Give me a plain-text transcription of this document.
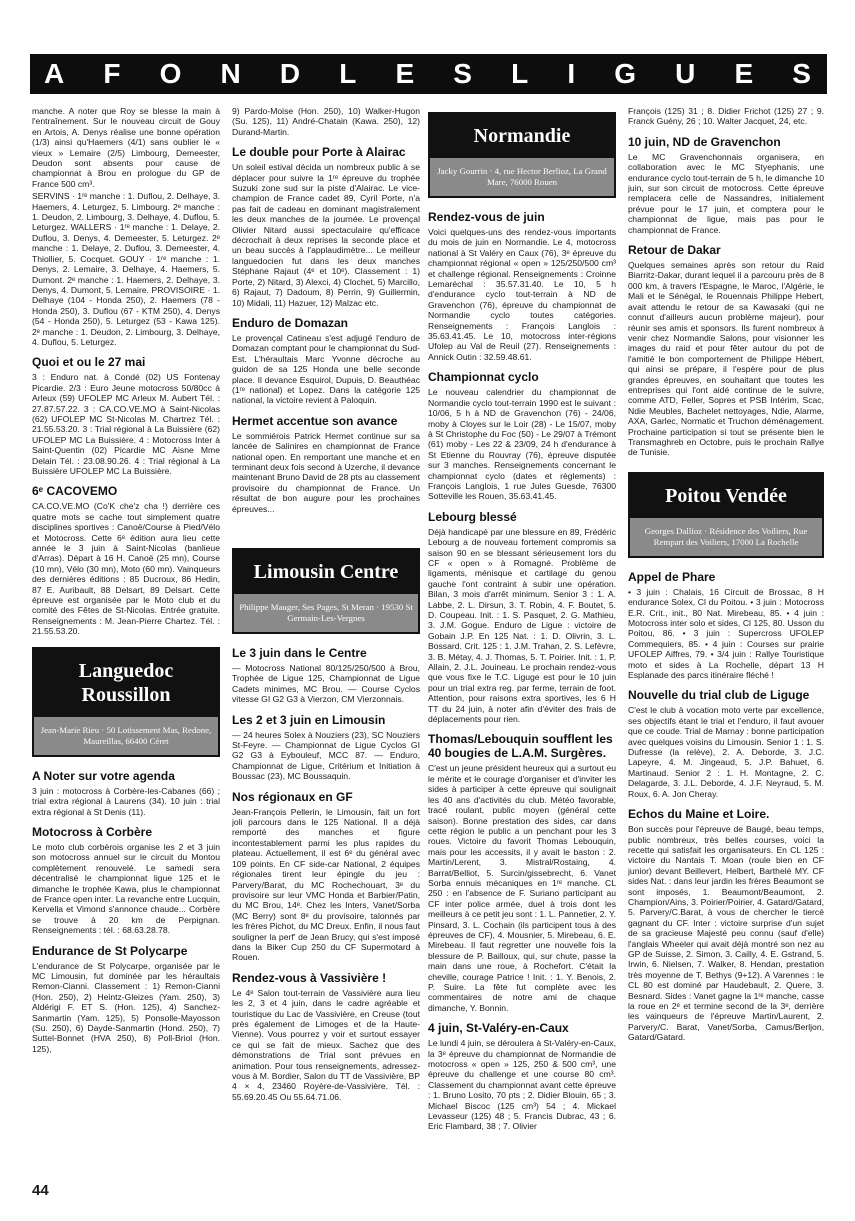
A F O N D L E S L I G U E S

manche. A noter que Roy se blesse la main à l'entraînement. Sur le nouveau circuit de Gouy en Artois, A. Denys réalise une bonne opération (1/3) ainsi qu'Haemers (4/1) sans oublier le « vieux » Lemaire (2/5) Limbourg, Demeester, Deudon sont absents pour cause de championnat à Brou en prologue du GP de France 500 cm³.

SERVINS · 1ʳᵉ manche : 1. Duflou, 2. Delhaye, 3. Haemers, 4. Leturgez, 5. Limbourg. 2ᵉ manche : 1. Deudon, 2. Limbourg, 3. Delhaye, 4. Duflou, 5. Leturgez. WALLERS · 1ʳᵉ manche : 1. Delaye, 2. Duflou, 3. Denys, 4. Demeester, 5. Leturgez. 2ᵉ manche : 1. Delaye, 2. Duflou, 3. Demeester, 4. Thiollier, 5. Cocquet. GOUY · 1ʳᵉ manche : 1. Denys, 2. Lemaire, 3. Delhaye, 4. Haemers, 5. Dumont. 2ᵉ manche : 1. Haemers, 2. Delhaye, 3. Denys, 4. Dumont, 5. Lemaire. PROVISOIRE · 1. Delhaye (104 - Honda 250), 2. Haemers (78 - Honda 250), 3. Duflou (67 - KTM 250), 4. Denys (54 - Honda 250), 5. Leturgez (53 - Kawa 125). 2ᵉ manche : 1. Deudon, 2. Limbourg, 3. Delhaye, 4. Duflou, 5. Leturgez.

Quoi et ou le 27 mai

3 : Enduro nat. à Condé (02) US Fontenay Picardie. 2/3 : Euro Jeune motocross 50/80cc à Arleux (59) UFOLEP MC Arleux M. Aubert Tél. : 27.87.57.22. 3 : CA.CO.VE.MO à Saint-Nicolas (62) UFOLEP MC St-Nicolas M. Chartrez Tél. : 21.55.53.20. 3 : Trial régional à La Buissière (62) UFOLEP MC La Buissière. 4 : Motocross Inter à Saint-Quentin (02) Picardie MC Aisne Mme Delain Tél. : 23.08.90.26. 4 : Trial régional à La Buissière UFOLEP MC La Buissière.

6ᵉ CACOVEMO

CA.CO.VE.MO (Co'K che'z cha !) derrière ces quatre mots se cache tout simplement quatre disciplines sportives : Canoë/Course à Pied/Vélo et Motocross. Cette 6ᵉ édition aura lieu cette année le 3 juin à Saint-Nicolas (banlieue d'Arras). Départ à 16 H. Canoë (25 mn), Course (10 mn), Vélo (30 mn), Moto (60 mn). Vainqueurs des dernières éditions : 85 Ducroux, 86 Hedin, 87 E. Auribault, 88 Delsart, 89 Delsart. Cette épreuve est organisée par le Moto club et du comité des Fêtes de St-Nicolas. Entrée gratuite. Renseignements : M. Jean-Pierre Chartez. Tél. : 21.55.53.20.

Languedoc Roussillon
Jean-Marie Rieu · 50 Lotissement Mas, Redone, Maureillas, 66400 Céret
A Noter sur votre agenda

3 juin : motocross à Corbère-les-Cabanes (66) ; trial extra régional à Laurens (34). 10 juin : trial extra régional à St Denis (11).

Motocross à Corbère

Le moto club corbèrois organise les 2 et 3 juin son motocross annuel sur le circuit du Montou complètement renouvelé. Le samedi sera décentralisé le championnat ligue 125 et le dimanche le trophée Kawa, plus le championnat de France open inter. La revanche entre Lucquin, Kervella et Vimond s'annonce chaude... Corbère se trouve à 20 km de Perpignan. Renseignements : tél. : 68.63.28.78.

Endurance de St Polycarpe

L'endurance de St Polycarpe, organisée par le MC Limousin, fut dominée par les héraultais Remon-Cianni. Classement : 1) Remon-Cianni (Hon. 250), 2) Heintz-Gleizes (Yam. 250), 3) Aldérigi F. ET S. (Hon. 125), 4) Sanchez-Sanmartin (Yam. 125), 5) Ponsolle-Mayosson (Su. 250), 6) Dayde-Sanmartin (Hond. 250), 7) Suttel-Bonnet (HVA 250), 8) Poll-Briol (Hon. 125),

9) Pardo-Moise (Hon. 250), 10) Walker-Hugon (Su. 125), 11) André-Chatain (Kawa. 250), 12) Durand-Martin.

Le double pour Porte à Alairac

Un soleil estival décida un nombreux public à se déplacer pour suivre la 1ʳᵉ épreuve du trophée Suzuki zone sud sur la piste d'Alairac. Le vice-champion de France cadet 89, Cyril Porte, n'a pas fait de cadeau en dominant magistralement les deux manches de la journée. Le provençal Olivier Nitard aussi spectaculaire qu'efficace décrochait à deux reprises la seconde place et un beau succès à l'applaudimètre... Le meilleur languedocien fut dans les deux manches Stéphane Rajaut (4ᵉ et 10ᵉ). Classement : 1) Porte, 2) Nitard, 3) Alexci, 4) Clochet, 5) Marcillo, 6) Rajaut, 7) Dadoum, 8) Perrin, 9) Guillermin, 10) Midali, 11) Hazuer, 12) Malzac etc.

Enduro de Domazan

Le provençal Catineau s'est adjugé l'enduro de Domazan comptant pour le championnat du Sud-Est. L'héraultais Marc Yvonne décroche au guidon de sa 125 Honda une belle seconde place. Il devance Esquirol, Dupuis, D. Beauthéac (1ʳᵉ national) et Lopez. Dans la catégorie 125 national, la victoire revient à Paloquin.

Hermet accentue son avance

Le sommiérois Patrick Hermet continue sur sa lancée de Salinires en championnat de France national open. En remportant une manche et en terminant deux fois second à Uzerche, il devance maintenant Bruno David de 28 pts au classement provisoire du championnat de France. Un résultat de bon augure pour les prochaines épreuves...

Limousin Centre
Philippe Mauger, Ses Pages, St Meran · 19530 St Germain-Les-Vergnes
Le 3 juin dans le Centre

— Motocross National 80/125/250/500 à Brou, Trophée de Ligue 125, Championnat de Ligue Cadets minimes, MC Brou. — Course Cyclos vitesse GI G2 G3 à Vierzon, CM Vierzonnais.

Les 2 et 3 juin en Limousin

— 24 heures Solex à Nouziers (23), SC Nouziers St-Feyre. — Championnat de Ligue Cyclos GI G2 G3 à Eybouleuf, MCC 87. — Enduro, Championnat de Ligue, Critérium et Initiation à Boussac (23), MC Boussaquin.

Nos régionaux en GF

Jean-François Pellerin, le Limousin, fait un fort joli parcours dans le 125 National. Il a déjà remporté des manches et figure incontestablement parmi les plus rapides du plateau. Actuellement, il est 6ᵉ du général avec 109 points. En CF side-car National, 2 équipes régionales tirent leur épingle du jeu : Parvery/Barat, du MC Rochechouart, 3ᵉ du provisoire sur leur VMC Honda et Barbier/Patin, du MC Brou, 14ᵉ. Chez les Inters, Vanet/Sorba (MC Berry) sont 8ᵉ du provisoire, talonnés par les frères Pichot, du MC Dreux. Enfin, il nous faut souligner la perf' de Jean Brucy, qui s'est imposé dans la Biker Cup 250 du CF Supermotard à Rouen.

Rendez-vous à Vassivière !

Le 4ᵉ Salon tout-terrain de Vassivière aura lieu les 2, 3 et 4 juin, dans le cadre agréable et touristique du Lac de Vassivière, en Creuse (tout près également de Limoges et de la Haute-Vienne). Vous pourrez y voir et surtout essayer ce qui se fait de mieux. Sachez que des démonstrations de Trial sont prévues en animation. Pour tous renseignements, adressez-vous à M. Bordier, Salon du TT de Vassivière, BP 4 × 4, 23460 Royère-de-Vassivière. Tél. : 55.69.20.45 Ou 55.64.71.06.

Normandie
Jacky Gourrin · 4, rue Hector Berlioz, La Grand Mare, 76000 Rouen
Rendez-vous de juin

Voici quelques-uns des rendez-vous importants du mois de juin en Normandie. Le 4, motocross national à St Valéry en Caux (76), 3ᵉ épreuve du championnat régional « open » 125/250/500 cm³ et challenge régional. Renseignements : Croinne Lemaréchal : 35.57.31.40. Le 10, 5 h d'endurance cyclo tout-terrain à ND de Gravenchon (76), épreuve du championnat de Normandie cyclo toutes catégories. Renseignements : François Langlois : 35.63.41.45. Le 10, motocross inter-régions Ufolep au Val de Reuil (27). Renseignements : Annick Outin : 32.59.48.61.

Championnat cyclo

Le nouveau calendrier du championnat de Normandie cyclo tout-terrain 1990 est le suivant : 10/06, 5 h à ND de Gravenchon (76) - 24/06, moby à Cloyes sur le Loir (28) - Le 15/07, moby à St Christophe du Foc (50) - Le 29/07 à Trémont (61) moby - Les 22 & 23/09, 24 h d'endurance à St Etienne du Rouvray (76), épreuve disputée sur 3 manches. Renseignements concernant le championnat cyclo (dates et règlements) : François Langlois, 1 rue Jules Guesde, 76300 Sotteville les Rouen, 35.63.41.45.

Lebourg blessé

Déjà handicapé par une blessure en 89, Frédéric Lebourg a de nouveau fortement compromis sa saison 90 en se blessant sérieusement lors du CF « open » à Romagné. Problème de ligaments, ménisque et cartilage du genou gauche l'ont contraint à subir une opération. Bilan, 3 mois d'arrêt minimum. Senior 3 : 1. A. Labbe, 2. L. Dirsun, 3. T. Robin, 4. F. Boutet, 5. D. Coupeau. Init. : 1. S. Pasquet, 2. G. Mathieu, 3. J.M. Gogue. Enduro de Ligue : victoire de Gobain J.P. En 125 Nat. : 1. D. Olivrin, 3. L. Bossard. Crit. 125 : 1. J.M. Trahan, 2. S. Lefèvre, 3. B. Métay, 4. J. Thomas, 5. T. Poirier. Init. : 1. P. Allain, 2. J.L. Jouineau. Le prochain rendez-vous que vous fixe le T.C. Liguge est pour le 10 juin pour un trial extra reg. par ferme, terrain de foot. Attention, pour raisons extra sportives, les 6 H TT du 24 juin, à noter afin d'éviter des frais de déplacements pour rien.

Thomas/Lebouquin soufflent les 40 bougies de L.A.M. Surgères.

C'est un jeune président heureux qui a surtout eu le mérite et le courage d'organiser et d'inviter les sides à participer à cette épreuve qui soulignait les 40 ans d'activités du club. Météo favorable, tracé roulant, public moyen (général cette saison). Bonne prestation des sides, car dans cette région le public a un penchant pour les 3 roues. Victoire du favorit Thomas Lebouquin, mais pour les accessits, il y avait le baston : 2. Martin/Lerent, 3. Mistral/Rostaing, 4. Barrat/Belliot, 5. Surcin/gissebrecht, 6. Vanet Sorba ennuis mécaniques en 1ʳᵉ manche. CL 250 : en l'absence de F. Suriano participant au CF inter police armée, duel à trois dont les meilleurs à ce petit jeu sont : 1. L. Pannetier, 2. Y. Pinsard, 3. L. Cochain (ils participent tous à des épreuves de CF), 4. Mousnier, 5. Mirebeau, 6. E. Mirebeau. Il faut regretter une nouvelle fois la blessure de P. Bailloux, qui, sur chute, passe la main dans une roue, à Rochefort. C'était la cheville, courage Patrice ! Init. : 1. Y. Benois, 2. P. Suire. La fête fut complète avec les commentaires de notre ami de chaque dimanche, Y. Bonnin.

4 juin, St-Valéry-en-Caux

Le lundi 4 juin, se déroulera à St-Valéry-en-Caux, la 3ᵉ épreuve du championnat de Normandie de motocross « open » 125, 250 & 500 cm³, une épreuve du challenge et une course 80 cm³. Classement du championnat avant cette épreuve : 1. Bruno Losito, 70 pts ; 2. Didier Blouin, 65 ; 3. Michael Biscoc (125 cm³) 54 ; 4. Mickael Levasseur (125) 48 ; 5. Francis Dubrac, 43 ; 6. Eric Flambard, 38 ; 7. Olivier

François (125) 31 ; 8. Didier Frichot (125) 27 ; 9. Franck Guény, 26 ; 10. Walter Jacquet, 24, etc.

10 juin, ND de Gravenchon

Le MC Gravenchonnais organisera, en collaboration avec le MC Styephanis, une endurance cyclo tout-terrain de 5 h, le dimanche 10 juin, sur son circuit de motocross. Cette épreuve remplacera celle de Nassandres, initialement prévue pour le 17 juin, et comptera pour le championnat de ligue, mais pas pour le championnat de France.

Retour de Dakar

Quelques semaines après son retour du Raid Biarritz-Dakar, durant lequel il a parcouru près de 8 000 km, à travers l'Espagne, le Maroc, l'Algérie, le Mali et le Sénégal, le Rouennais Philippe Hebert, avait attendu le retour de sa Kawasaki (qui ne connut d'ailleurs aucun problème majeur), pour réunir ses amis et sponsors. Ils furent nombreux à venir chez Normandie Salons, pour visionner les images du raid et pour fêter autour du pot de l'amitié le bon comportement de Philippe Hébert, qui ainsi se prépare, il l'espère pour de plus grandes épreuves, en souhaitant que toutes les entreprises qui l'ont aidé continue de le suivre, comme ATD, Feller, Sopres et PSB Intérim, Scac, Ndie Meubles, Bachelet nettoyages, Ndie, Alarme, AXA, Garlec, Normatic et Truchon déménagement. Prochaine participation si tout se présente bien le Transmaghreb en Octobre, puis le prochain Rallye de Tunisie.

Poitou Vendée
Georges Dallioz · Résidence des Voiliers, Rue Rempart des Voiliers, 17000 La Rochelle
Appel de Phare

• 3 juin : Chalais, 16 Circuit de Brossac, 8 H endurance Solex, Cl du Poitou. • 3 juin : Motocross E.R. Crit., init., 80 Nat. Mirebeau, 85. • 4 juin : Motocross inter solo et sides, Cl 125, 80. Usson du Poitou, 86. • 3 juin : Supercross UFOLEP Commequiers, 85. • 4 juin : Courses sur prairie UFOLEP Aiffres, 79. • 3/4 juin : Rallye Touristique moto et sides à La Rochelle, départ 13 H Esplanade des parcs itinéraire fléché !

Nouvelle du trial club de Liguge

C'est le club à vocation moto verte par excellence, ses objectifs étant le trial et l'enduro, il faut avouer que ce coude. Trial de Marnay : bonne participation avec quelques voisins du Limousin. Senior 1 : 1. S. Dufresse (la relève), 2. A. Deborde, 3. J.C. Lapeyre, 4. M. Jingeaud, 5. J.P. Bahuet, 6. Martinaud. Senior 2 : 1. H. Montagne, 2. C. Delagarde, 3. J.L. Deborde, 4. J.F. Neyraud, 5. M. Roux, 6. A. Jon Cheray.

Echos du Maine et Loire.

Bon succès pour l'épreuve de Baugé, beau temps, public nombreux, très belles courses, voici la recette qui satisfait les organisateurs. En CL 125 : victoire du Nantais T. Moan (roule bien en CF junior) devant Beillevert, Helbert, Barthelé MY. CF sides Nat. : dans leur jardin les frères Beaumont se sont imposés, 1. Beaumont/Beaumont, 2. Champion/Ains, 3. Poirier/Poirier, 4. Gatard/Gatard, 5. Parvery/C.Barat, à vous de chercher le tiercé gagnant du CF. Inter : victoire surprise d'un sujet de sa gracieuse Majesté peu connu (sauf d'elle) l'anglais Wheeler qui avait déjà montré son nez au GP de Suisse, 2. Simon, 3. Cailly, 4. E. Gstrand, 5. Irwin, 6. Nielsen, 7. Walker, 8. Hendan, prestation très moyenne de T. Bethys (9+12). A Varennes : le CL 80 est dominé par Haudebault, 2. Quere, 3. Besnard. Sides : Vanet gagne la 1ʳᵉ manche, casse la roue en 2ᵉ et termine second de la 3ᵉ, derrière les vainqueurs de l'épreuve Martin/Laurent, 2. Parvery/C. Barat, Vanet/Sorba, Camus/Berljon, Gatard/Gatard.

44
